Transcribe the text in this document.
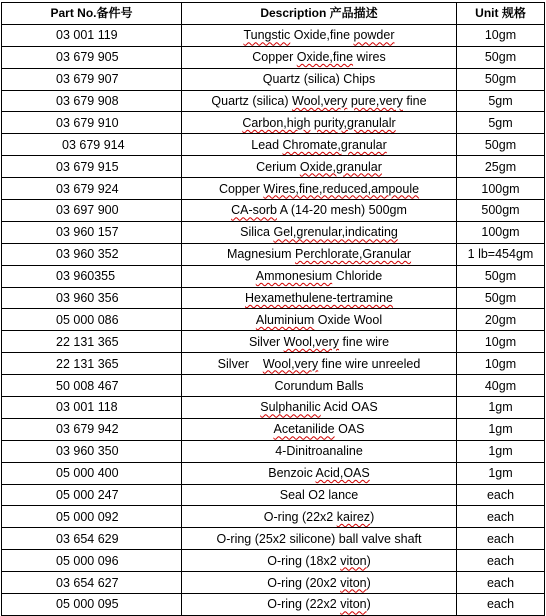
Part No.备件号	Description 产品描述	Unit 规格
03 001 119	Tungstic Oxide,fine powder	10gm
03 679 905	Copper Oxide,fine wires	50gm
03 679 907	Quartz (silica) Chips	50gm
03 679 908	Quartz (silica) Wool,very pure,very fine	5gm
03 679 910	Carbon,high purity,granulalr	5gm
03 679 914	Lead Chromate,granular	50gm
03 679 915	Cerium Oxide,granular	25gm
03 679 924	Copper Wires,fine,reduced,ampoule	100gm
03 697 900	CA-sorb A (14-20 mesh) 500gm	500gm
03 960 157	Silica Gel,grenular,indicating	100gm
03 960 352	Magnesium Perchlorate,Granular	1 lb=454gm
03 960355	Ammonesium Chloride	50gm
03 960 356	Hexamethulene-tertramine	50gm
05 000 086	Aluminium Oxide Wool	20gm
22 131 365	Silver Wool,very fine wire	10gm
22 131 365	Silver    Wool,very fine wire unreeled	10gm
50 008 467	Corundum Balls	40gm
03 001 118	Sulphanilic Acid OAS	1gm
03 679 942	Acetanilide OAS	1gm
03 960 350	4-Dinitroanaline	1gm
05 000 400	Benzoic Acid,OAS	1gm
05 000 247	Seal O2 lance	each
05 000 092	O-ring (22x2 kairez)	each
03 654 629	O-ring (25x2 silicone) ball valve shaft	each
05 000 096	O-ring (18x2 viton)	each
03 654 627	O-ring (20x2 viton)	each
05 000 095	O-ring (22x2 viton)	each
